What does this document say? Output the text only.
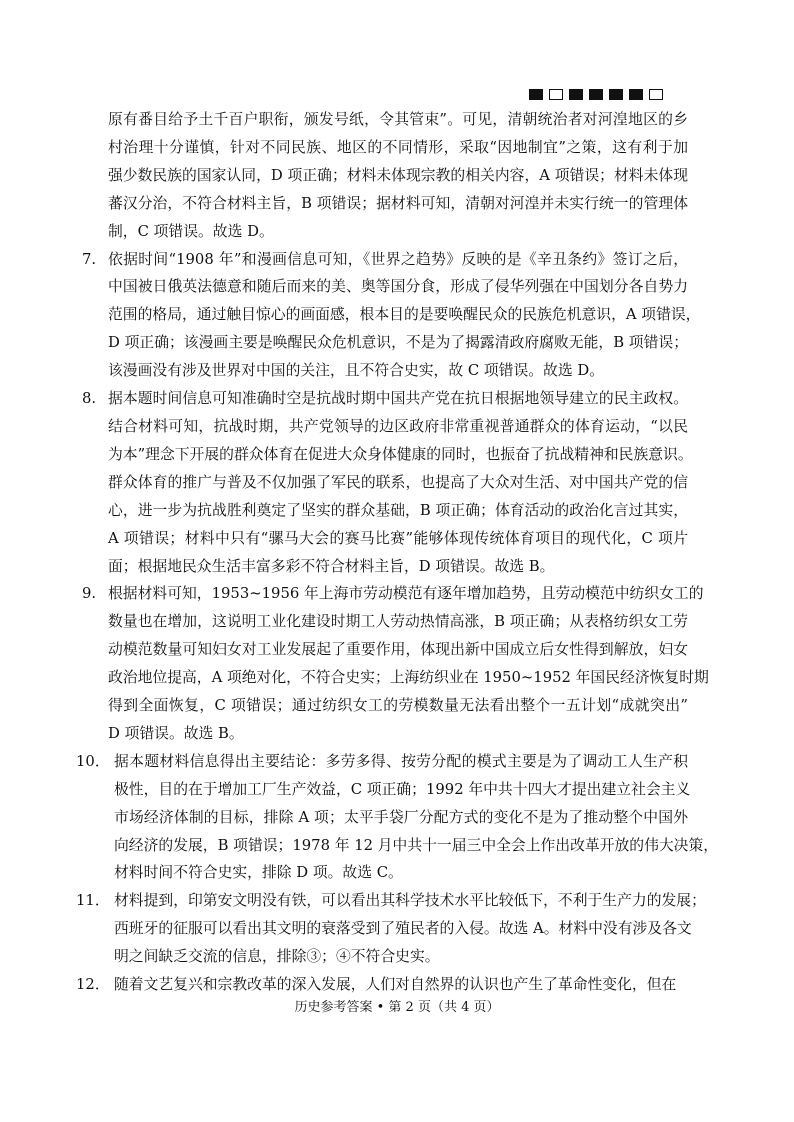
原有番目给予土千百户职衔，颁发号纸，令其管束”。可见，清朝统治者对河湟地区的乡
村治理十分谨慎，针对不同民族、地区的不同情形，采取“因地制宜”之策，这有利于加
强少数民族的国家认同，D 项正确；材料未体现宗教的相关内容，A 项错误；材料未体现
蕃汉分治，不符合材料主旨，B 项错误；据材料可知，清朝对河湟并未实行统一的管理体
制，C 项错误。故选 D。
7. 依据时间“1908 年”和漫画信息可知，《世界之趋势》反映的是《辛丑条约》签订之后，
中国被日俄英法德意和随后而来的美、奥等国分食，形成了侵华列强在中国划分各自势力
范围的格局，通过触目惊心的画面感，根本目的是要唤醒民众的民族危机意识，A 项错误，
D 项正确；该漫画主要是唤醒民众危机意识，不是为了揭露清政府腐败无能，B 项错误；
该漫画没有涉及世界对中国的关注，且不符合史实，故 C 项错误。故选 D。
8. 据本题时间信息可知准确时空是抗战时期中国共产党在抗日根据地领导建立的民主政权。
结合材料可知，抗战时期，共产党领导的边区政府非常重视普通群众的体育运动，“以民
为本”理念下开展的群众体育在促进大众身体健康的同时，也振奋了抗战精神和民族意识。
群众体育的推广与普及不仅加强了军民的联系，也提高了大众对生活、对中国共产党的信
心，进一步为抗战胜利奠定了坚实的群众基础，B 项正确；体育活动的政治化言过其实，
A 项错误；材料中只有“骡马大会的赛马比赛”能够体现传统体育项目的现代化，C 项片
面；根据地民众生活丰富多彩不符合材料主旨，D 项错误。故选 B。
9. 根据材料可知，1953~1956 年上海市劳动模范有逐年增加趋势，且劳动模范中纺织女工的
数量也在增加，这说明工业化建设时期工人劳动热情高涨，B 项正确；从表格纺织女工劳
动模范数量可知妇女对工业发展起了重要作用，体现出新中国成立后女性得到解放，妇女
政治地位提高，A 项绝对化，不符合史实；上海纺织业在 1950~1952 年国民经济恢复时期
得到全面恢复，C 项错误；通过纺织女工的劳模数量无法看出整个一五计划“成就突出”
D 项错误。故选 B。
10． 据本题材料信息得出主要结论：多劳多得、按劳分配的模式主要是为了调动工人生产积
极性，目的在于增加工厂生产效益，C 项正确；1992 年中共十四大才提出建立社会主义
市场经济体制的目标，排除 A 项；太平手袋厂分配方式的变化不是为了推动整个中国外
向经济的发展，B 项错误；1978 年 12 月中共十一届三中全会上作出改革开放的伟大决策，
材料时间不符合史实，排除 D 项。故选 C。
11． 材料提到，印第安文明没有铁，可以看出其科学技术水平比较低下，不利于生产力的发展；
西班牙的征服可以看出其文明的衰落受到了殖民者的入侵。故选 A。材料中没有涉及各文
明之间缺乏交流的信息，排除③；④不符合史实。
12． 随着文艺复兴和宗教改革的深入发展，人们对自然界的认识也产生了革命性变化，但在
历史参考答案 • 第 2 页（共 4 页）
